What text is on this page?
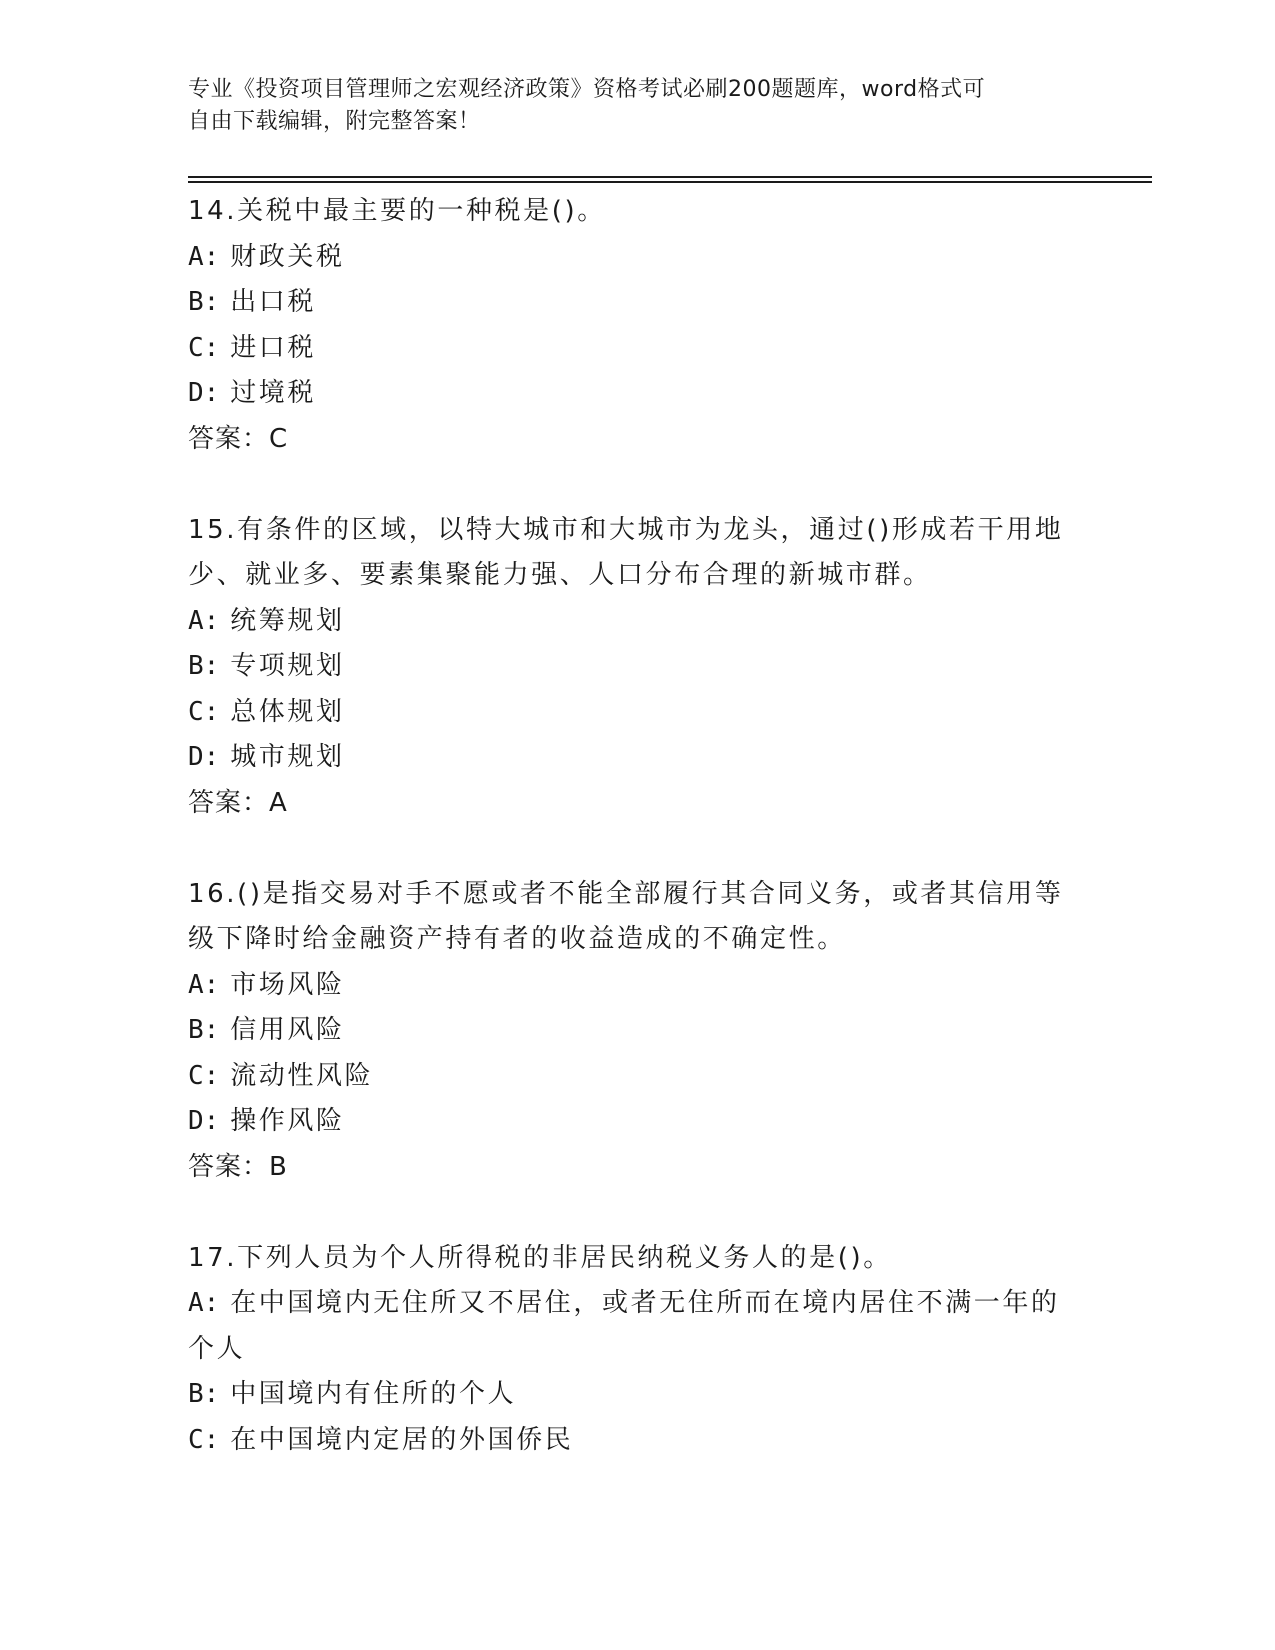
专业《投资项目管理师之宏观经济政策》资格考试必刷200题题库，word格式可
自由下载编辑，附完整答案！
14.关税中最主要的一种税是()。
A: 财政关税
B: 出口税
C: 进口税
D: 过境税
答案：C
15.有条件的区域，以特大城市和大城市为龙头，通过()形成若干用地
少、就业多、要素集聚能力强、人口分布合理的新城市群。
A: 统筹规划
B: 专项规划
C: 总体规划
D: 城市规划
答案：A
16.()是指交易对手不愿或者不能全部履行其合同义务，或者其信用等
级下降时给金融资产持有者的收益造成的不确定性。
A: 市场风险
B: 信用风险
C: 流动性风险
D: 操作风险
答案：B
17.下列人员为个人所得税的非居民纳税义务人的是()。
A: 在中国境内无住所又不居住，或者无住所而在境内居住不满一年的
个人
B: 中国境内有住所的个人
C: 在中国境内定居的外国侨民
